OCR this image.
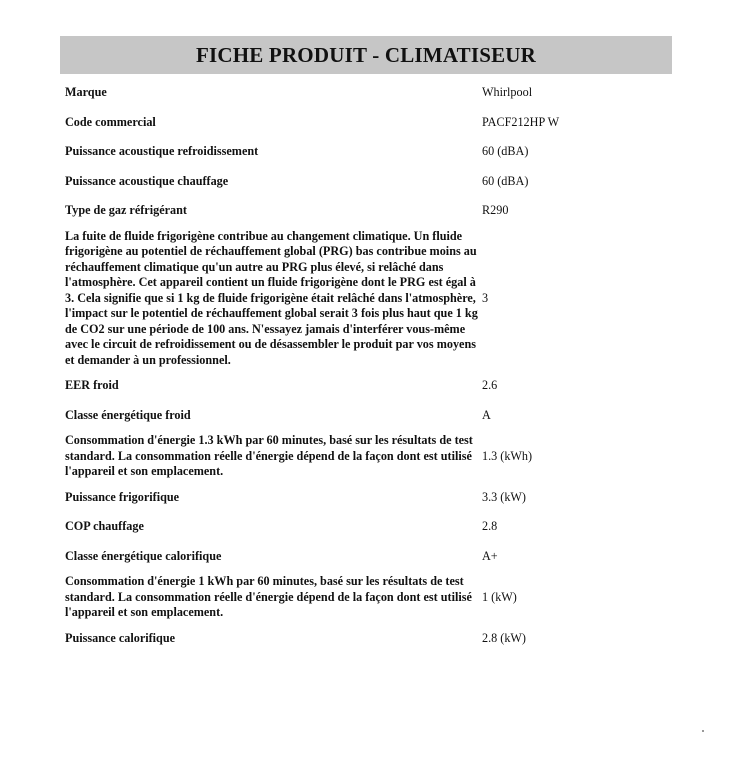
FICHE PRODUIT - CLIMATISEUR
Marque	Whirlpool
Code commercial	PACF212HP W
Puissance acoustique refroidissement	60 (dBA)
Puissance acoustique chauffage	60 (dBA)
Type de gaz réfrigérant	R290
La fuite de fluide frigorigène contribue au changement climatique. Un fluide frigorigène au potentiel de réchauffement global (PRG) bas contribue moins au réchauffement climatique qu'un autre au PRG plus élevé, si relâché dans l'atmosphère. Cet appareil contient un fluide frigorigène dont le PRG est égal à 3. Cela signifie que si 1 kg de fluide frigorigène était relâché dans l'atmosphère, l'impact sur le potentiel de réchauffement global serait 3 fois plus haut que 1 kg de CO2 sur une période de 100 ans. N'essayez jamais d'interférer vous-même avec le circuit de refroidissement ou de désassembler le produit par vos moyens et demander à un professionnel.	3
EER froid	2.6
Classe énergétique froid	A
Consommation d'énergie 1.3 kWh par 60 minutes, basé sur les résultats de test standard. La consommation réelle d'énergie dépend de la façon dont est utilisé l'appareil et son emplacement.	1.3 (kWh)
Puissance frigorifique	3.3 (kW)
COP chauffage	2.8
Classe énergétique calorifique	A+
Consommation d'énergie 1 kWh par 60 minutes, basé sur les résultats de test standard. La consommation réelle d'énergie dépend de la façon dont est utilisé l'appareil et son emplacement.	1 (kW)
Puissance calorifique	2.8 (kW)
